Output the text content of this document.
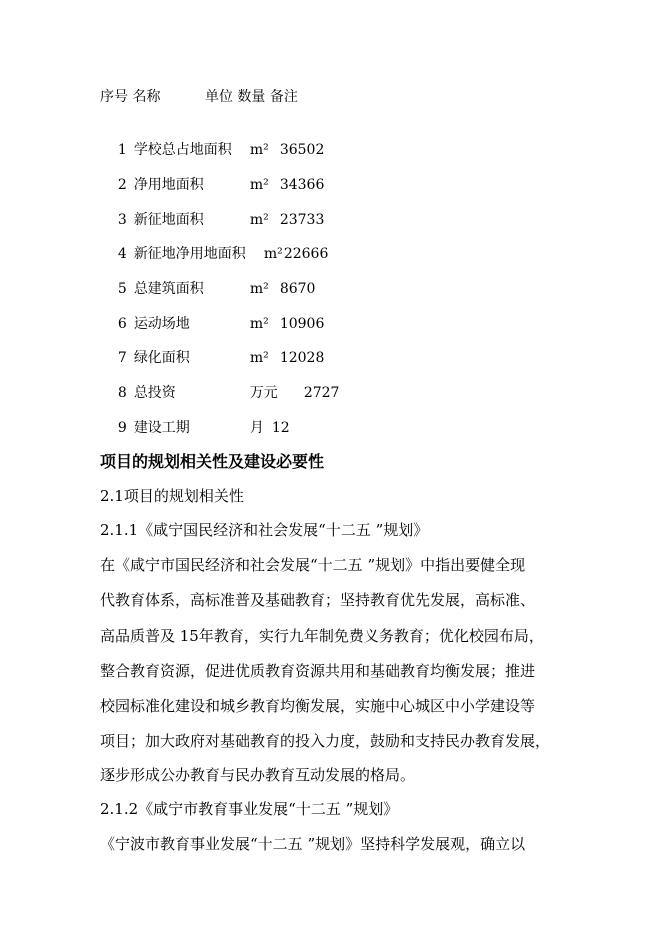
序号 名称          单位 数量 备注

1 学校总占地面积 m² 36502

2 净用地面积	m² 34366

3 新征地面积	m² 23733

4 新征地净用地面积 m²22666

5 总建筑面积	m² 8670

6 运动场地	m² 10906

7 绿化面积	m² 12028

8 总投资	万元 2727

9 建设工期	月 12

项目的规划相关性及建设必要性
2.1项目的规划相关性
2.1.1《咸宁国民经济和社会发展“十二五 ”规划》
在《咸宁市国民经济和社会发展“十二五 ”规划》中指出要健全现
代教育体系，高标准普及基础教育；坚持教育优先发展，高标准、
高品质普及 15年教育，实行九年制免费义务教育；优化校园布局，
整合教育资源，促进优质教育资源共用和基础教育均衡发展；推进
校园标准化建设和城乡教育均衡发展，实施中心城区中小学建设等
项目；加大政府对基础教育的投入力度，鼓励和支持民办教育发展，
逐步形成公办教育与民办教育互动发展的格局。
2.1.2《咸宁市教育事业发展“十二五 ”规划》
《宁波市教育事业发展“十二五 ”规划》坚持科学发展观，确立以
